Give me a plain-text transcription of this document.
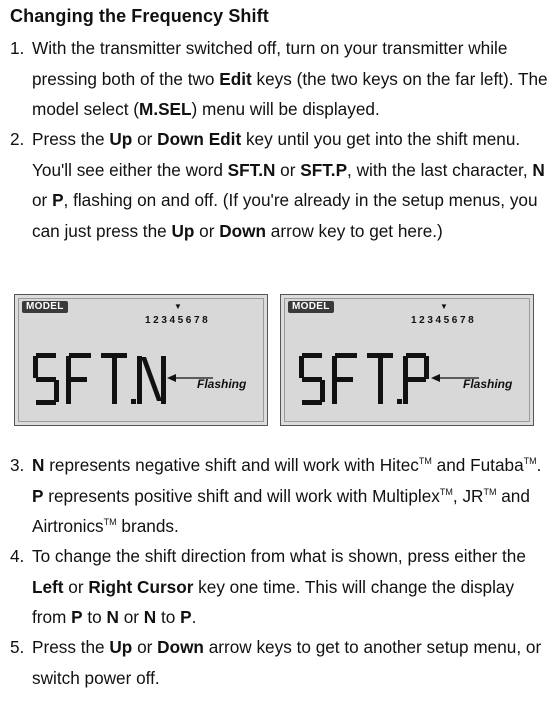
Changing the Frequency Shift
1. With the transmitter switched off, turn on your transmitter while pressing both of the two Edit keys (the two keys on the far left). The model select (M.SEL) menu will be displayed.
2. Press the Up or Down Edit key until you get into the shift menu. You'll see either the word SFT.N or SFT.P, with the last character, N or P, flashing on and off. (If you're already in the setup menus, you can just press the Up or Down arrow key to get here.)
MODEL	▼
12345678
Flashing
MODEL	▼
12345678
Flashing
3. N represents negative shift and will work with Hitec™ and Futaba™. P represents positive shift and will work with Multiplex™, JR™ and Airtronics™ brands.
4. To change the shift direction from what is shown, press either the Left or Right Cursor key one time. This will change the display from P to N or N to P.
5. Press the Up or Down arrow keys to get to another setup menu, or switch power off.
